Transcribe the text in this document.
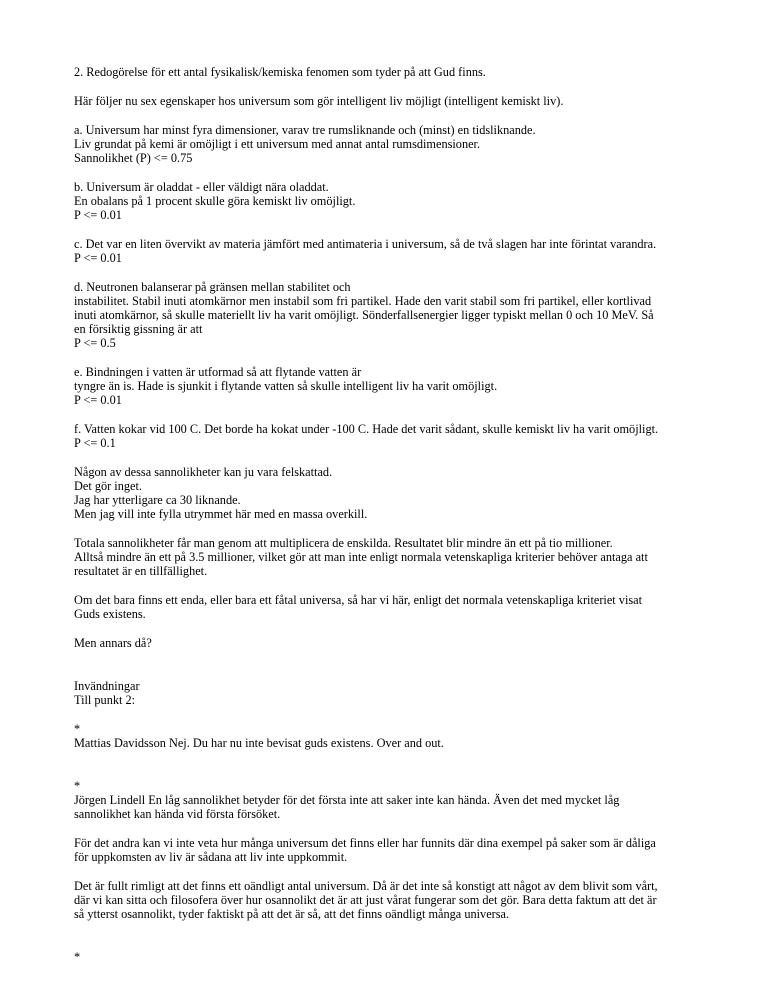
2. Redogörelse för ett antal fysikalisk/kemiska fenomen som tyder på att Gud finns.
Här följer nu sex egenskaper hos universum som gör intelligent liv möjligt (intelligent kemiskt liv).
a. Universum har minst fyra dimensioner, varav tre rumsliknande och (minst) en tidsliknande.
Liv grundat på kemi är omöjligt i ett universum med annat antal rumsdimensioner.
Sannolikhet (P) <= 0.75
b. Universum är oladdat - eller väldigt nära oladdat.
En obalans på 1 procent skulle göra kemiskt liv omöjligt.
P <= 0.01
c. Det var en liten övervikt av materia jämfört med antimateria i universum, så de två slagen har inte förintat varandra.
P <= 0.01
d. Neutronen balanserar på gränsen mellan stabilitet och
instabilitet. Stabil inuti atomkärnor men instabil som fri partikel. Hade den varit stabil som fri partikel, eller kortlivad
inuti atomkärnor, så skulle materiellt liv ha varit omöjligt. Sönderfallsenergier ligger typiskt mellan 0 och 10 MeV. Så
en försiktig gissning är att
P <= 0.5
e. Bindningen i vatten är utformad så att flytande vatten är
tyngre än is. Hade is sjunkit i flytande vatten så skulle intelligent liv ha varit omöjligt.
P <= 0.01
f. Vatten kokar vid 100 C. Det borde ha kokat under -100 C. Hade det varit sådant, skulle kemiskt liv ha varit omöjligt.
P <= 0.1
Någon av dessa sannolikheter kan ju vara felskattad.
Det gör inget.
Jag har ytterligare ca 30 liknande.
Men jag vill inte fylla utrymmet här med en massa overkill.
Totala sannolikheter får man genom att multiplicera de enskilda. Resultatet blir mindre än ett på tio millioner.
Alltså mindre än ett på 3.5 millioner, vilket gör att man inte enligt normala vetenskapliga kriterier behöver antaga att
resultatet är en tillfällighet.
Om det bara finns ett enda, eller bara ett fåtal universa, så har vi här, enligt det normala vetenskapliga kriteriet visat
Guds existens.
Men annars då?
Invändningar
Till punkt 2:
*
Mattias Davidsson Nej. Du har nu inte bevisat guds existens. Over and out.
*
Jörgen Lindell En låg sannolikhet betyder för det första inte att saker inte kan hända. Även det med mycket låg
sannolikhet kan hända vid första försöket.
För det andra kan vi inte veta hur många universum det finns eller har funnits där dina exempel på saker som är dåliga
för uppkomsten av liv är sådana att liv inte uppkommit.
Det är fullt rimligt att det finns ett oändligt antal universum. Då är det inte så konstigt att något av dem blivit som vårt,
där vi kan sitta och filosofera över hur osannolikt det är att just vårat fungerar som det gör. Bara detta faktum att det är
så ytterst osannolikt, tyder faktiskt på att det är så, att det finns oändligt många universa.
*
